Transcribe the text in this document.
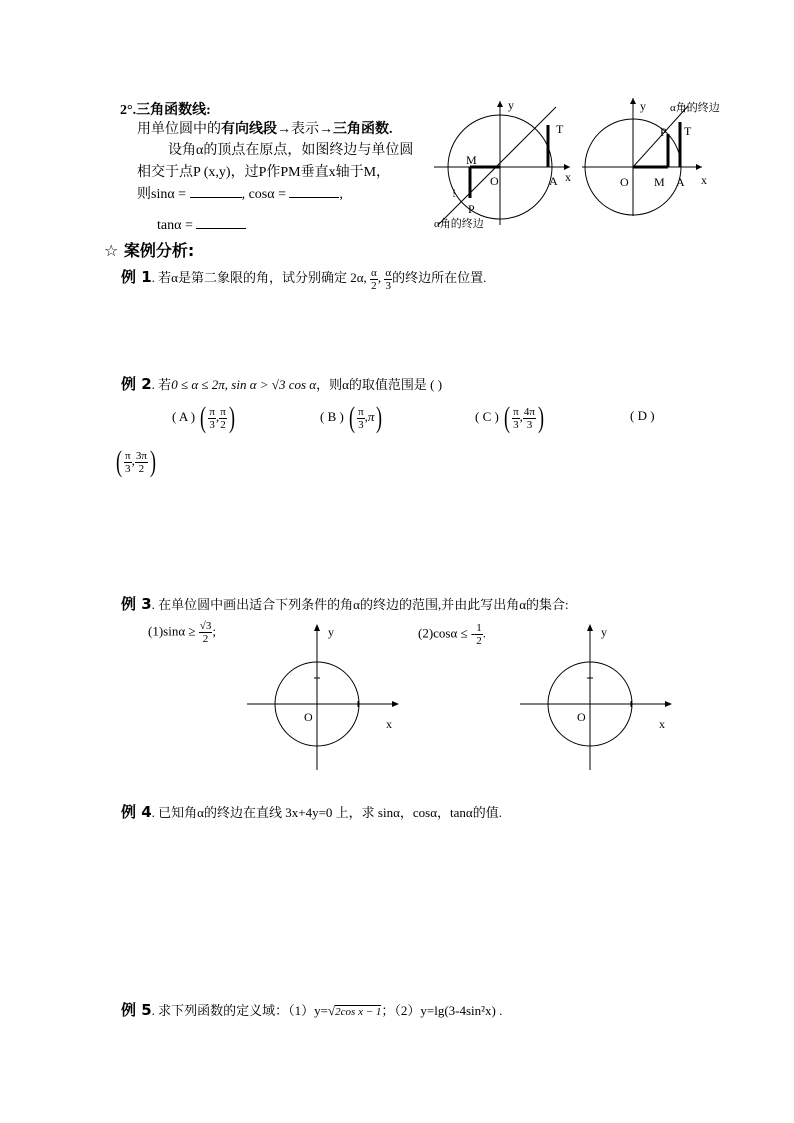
2°.三角函数线:
用单位圆中的有向线段→表示→三角函数.
设角α的顶点在原点，如图终边与单位圆
相交于点P (x,y)，过P作PM垂直x轴于M，
则sinα =	, cosα =	,
tanα =
y
x
O	A
M
P
T
!
α角的终边
y
x
O	A
M
P T
α角的终边
☆ 案例分析:
例 1. 若α是第二象限的角，试分别确定 2α, $\frac{\alpha}{2}$ , $\frac{\alpha}{3}$ 的终边所在位置.
例 2. 若0 ≤ α ≤ 2π, sin α > √3 cos α，则α的取值范围是 ( )
( A ) ( $\frac{\pi}{3}$ , $\frac{\pi}{2}$ )	( B ) ( $\frac{\pi}{3} ,\pi$)	( C ) ( $\frac{\pi}{3}$ , $\frac{4\pi}{3}$ )	( D )
( $\frac{\pi}{3}$ , $\frac{3\pi}{2}$ )
例 3. 在单位圆中画出适合下列条件的角α的终边的范围,并由此写出角α的集合:
$(1)\sin\alpha \ge \frac{√3}{2}$ ;	(2)cosα ≤ - $\frac{1}{2}$ .
y
x
O
y
x
O
例 4. 已知角α的终边在直线 3x+4y=0 上，求 sinα，cosα，tanα的值.
例 5. 求下列函数的定义域：（1）y=√2cos x − 1；（2）y=lg(3-4sin²x) .
